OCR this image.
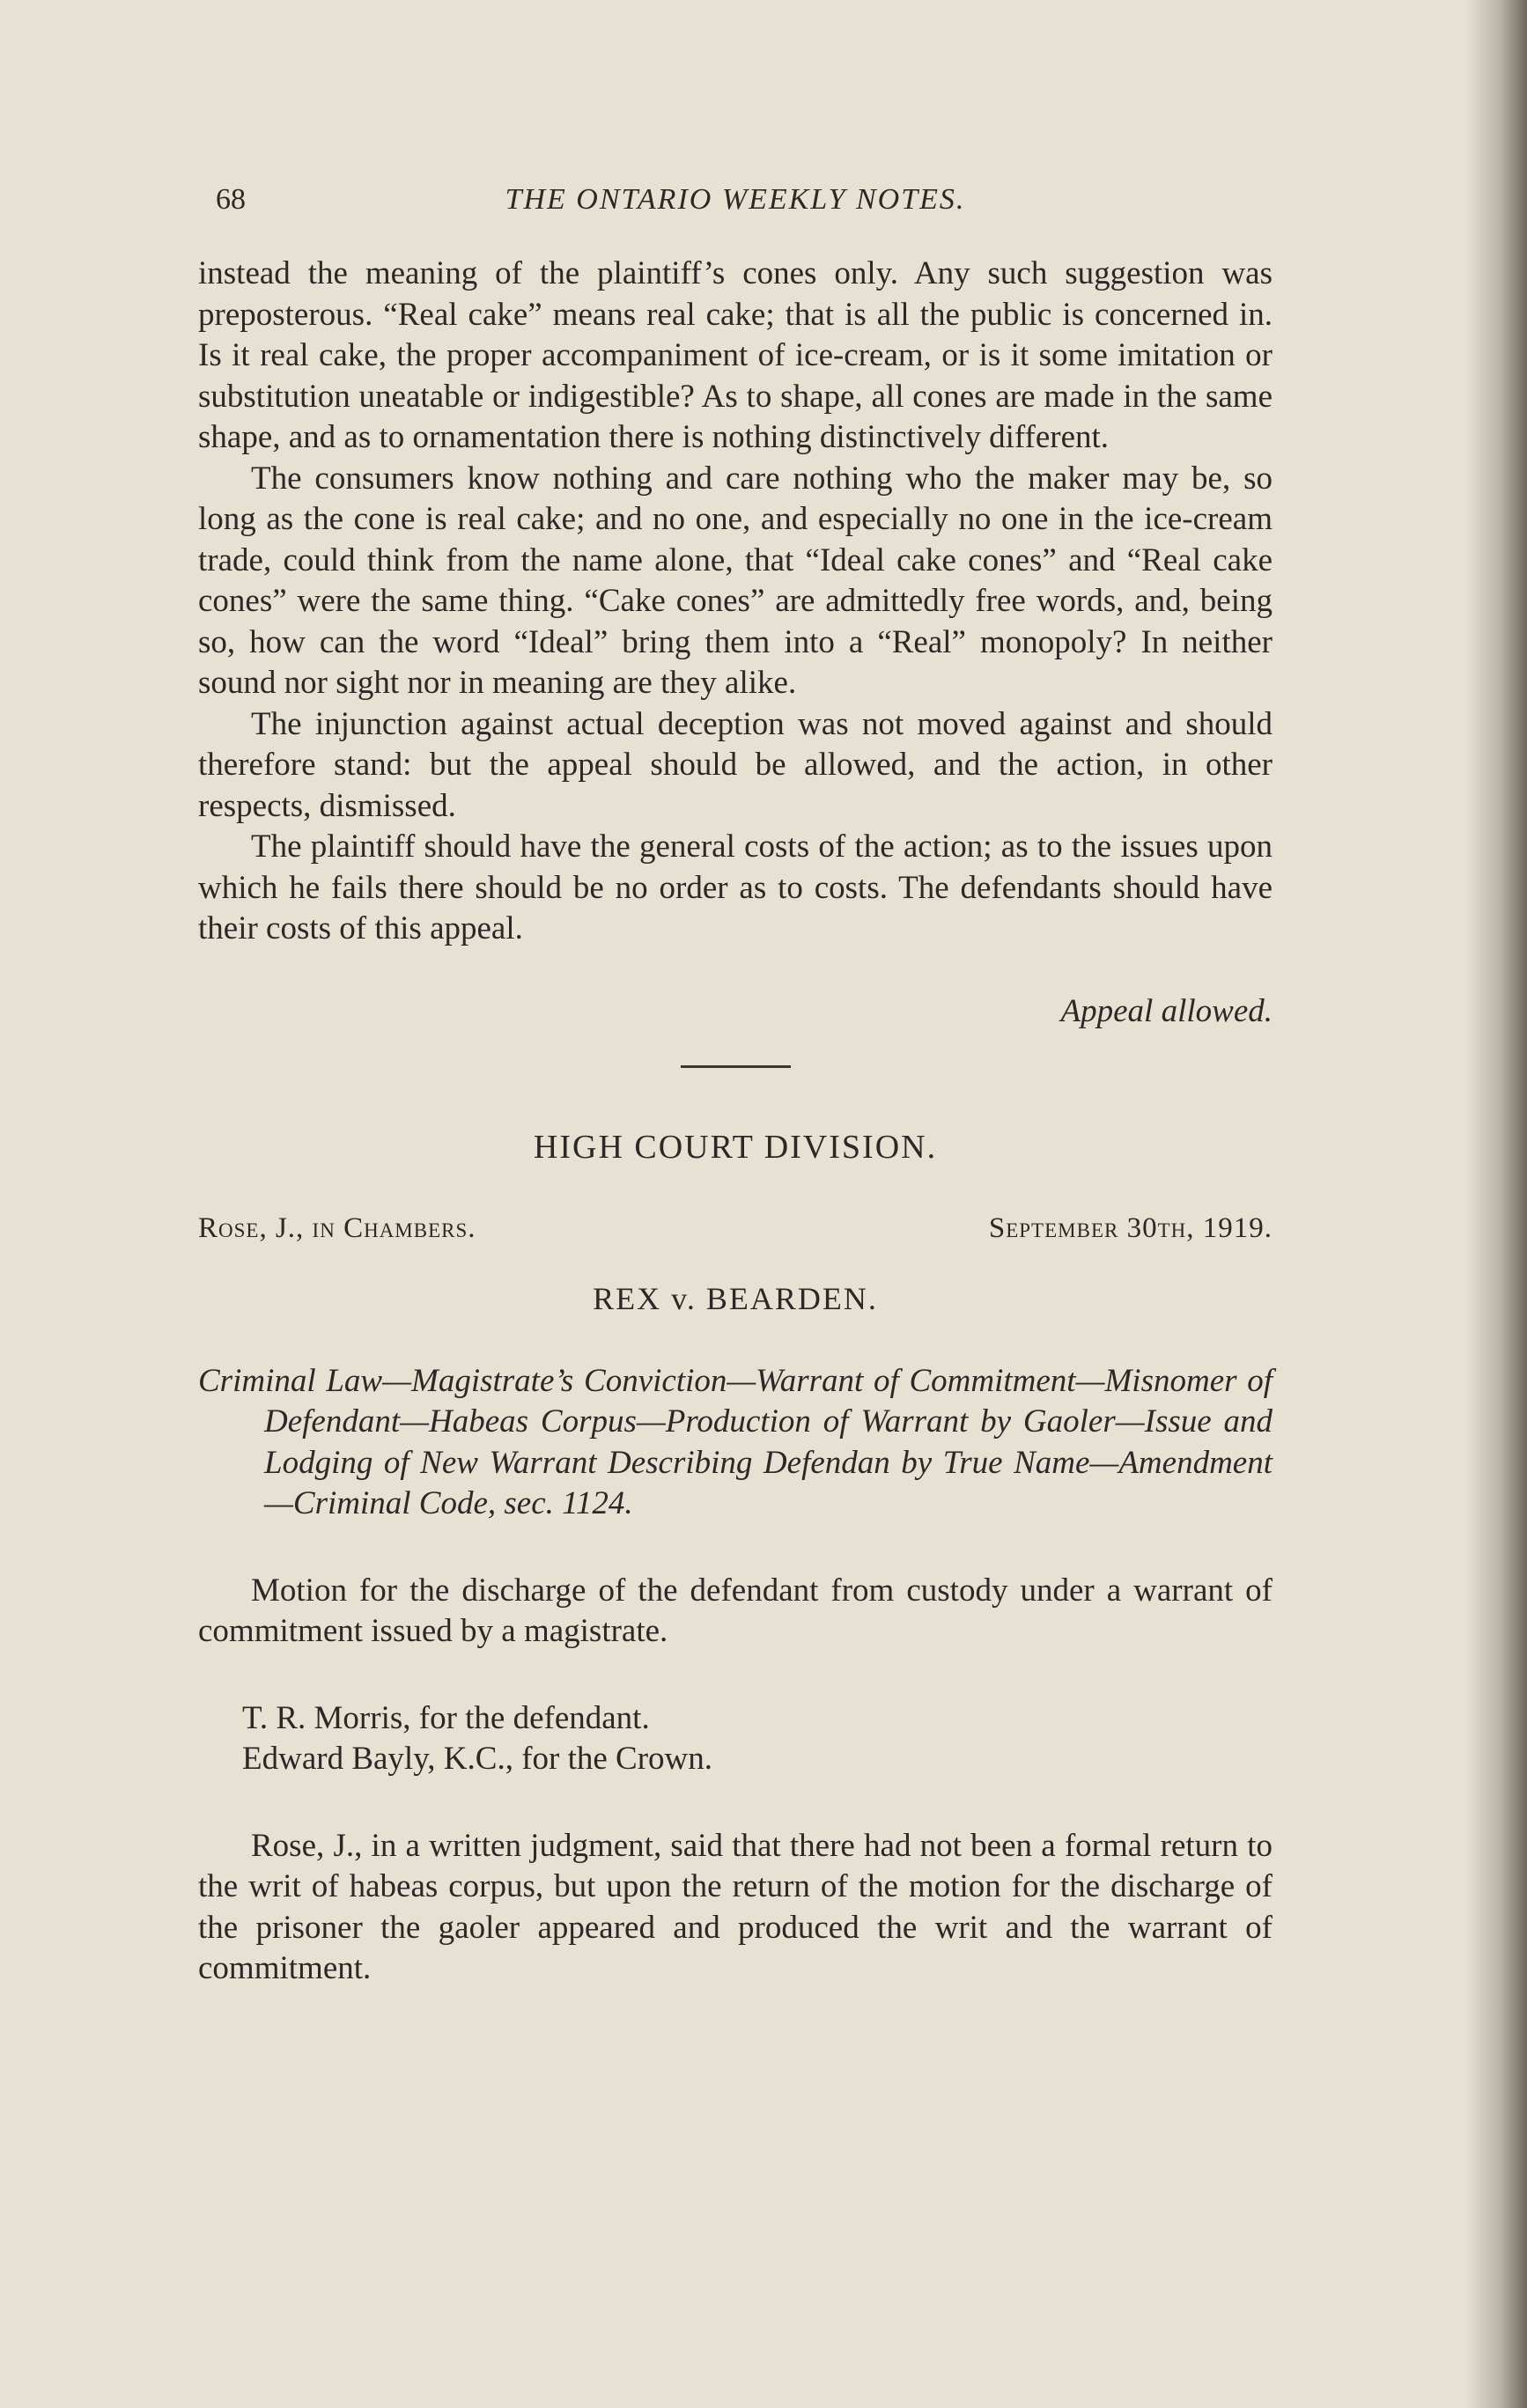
68	THE ONTARIO WEEKLY NOTES.

instead the meaning of the plaintiff’s cones only. Any such suggestion was preposterous. “Real cake” means real cake; that is all the public is concerned in. Is it real cake, the proper accompaniment of ice-cream, or is it some imitation or substitution uneatable or indigestible? As to shape, all cones are made in the same shape, and as to ornamentation there is nothing distinctively different.

The consumers know nothing and care nothing who the maker may be, so long as the cone is real cake; and no one, and especially no one in the ice-cream trade, could think from the name alone, that “Ideal cake cones” and “Real cake cones” were the same thing. “Cake cones” are admittedly free words, and, being so, how can the word “Ideal” bring them into a “Real” monopoly? In neither sound nor sight nor in meaning are they alike.

The injunction against actual deception was not moved against and should therefore stand: but the appeal should be allowed, and the action, in other respects, dismissed.

The plaintiff should have the general costs of the action; as to the issues upon which he fails there should be no order as to costs. The defendants should have their costs of this appeal.

Appeal allowed.
HIGH COURT DIVISION.
Rose, J., in Chambers.	September 30th, 1919.
REX v. BEARDEN.
Criminal Law—Magistrate’s Conviction—Warrant of Commitment—Misnomer of Defendant—Habeas Corpus—Production of Warrant by Gaoler—Issue and Lodging of New Warrant Describing Defendan by True Name—Amendment—Criminal Code, sec. 1124.

Motion for the discharge of the defendant from custody under a warrant of commitment issued by a magistrate.

T. R. Morris, for the defendant.
Edward Bayly, K.C., for the Crown.

Rose, J., in a written judgment, said that there had not been a formal return to the writ of habeas corpus, but upon the return of the motion for the discharge of the prisoner the gaoler appeared and produced the writ and the warrant of commitment.
